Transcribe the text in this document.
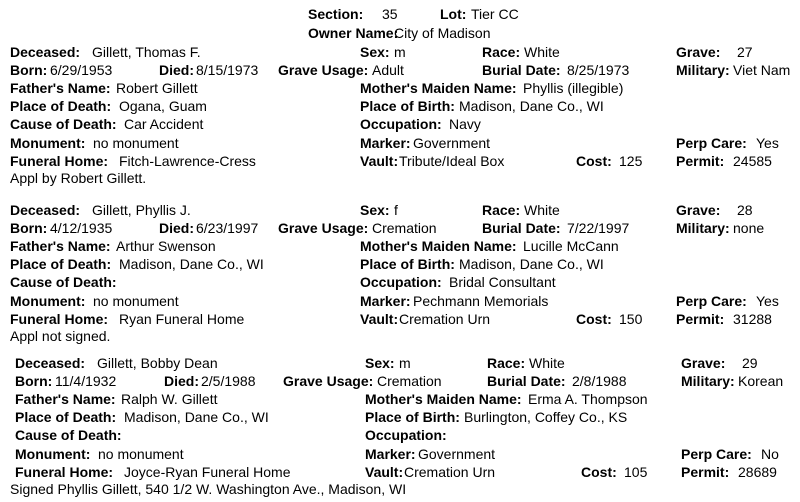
Section: 35	Lot: Tier CC
Owner Name:
City of Madison
Deceased: Gillett, Thomas F.	Sex: m	Race: White	Grave: 27
Born: 6/29/1953	Died: 8/15/1973 Grave Usage: Adult	Burial Date: 8/25/1973	Military: Viet Nam
Father's Name: Robert Gillett	Mother's Maiden Name: Phyllis (illegible)
Place of Death: Ogana, Guam	Place of Birth: Madison, Dane Co., WI
Cause of Death: Car Accident	Occupation: Navy
Monument: no monument	Marker: Government	Perp Care: Yes
Funeral Home: Fitch-Lawrence-Cress	Vault: Tribute/Ideal Box	Cost: 125 Permit: 24585
Appl by Robert Gillett.
Deceased: Gillett, Phyllis J.	Sex: f	Race: White	Grave: 28
Born: 4/12/1935	Died: 6/23/1997 Grave Usage: Cremation	Burial Date: 7/22/1997	Military: none
Father's Name: Arthur Swenson	Mother's Maiden Name: Lucille McCann
Place of Death: Madison, Dane Co., WI	Place of Birth: Madison, Dane Co., WI
Cause of Death:	Occupation: Bridal Consultant
Monument: no monument	Marker: Pechmann Memorials	Perp Care: Yes
Funeral Home: Ryan Funeral Home	Vault: Cremation Urn	Cost: 150 Permit: 31288
Appl not signed.
Deceased: Gillett, Bobby Dean	Sex: m	Race: White	Grave: 29
Born: 11/4/1932	Died: 2/5/1988 Grave Usage: Cremation	Burial Date: 2/8/1988	Military: Korean
Father's Name: Ralph W. Gillett	Mother's Maiden Name: Erma A. Thompson
Place of Death: Madison, Dane Co., WI	Place of Birth: Burlington, Coffey Co., KS
Cause of Death:	Occupation:
Monument: no monument	Marker: Government	Perp Care: No
Funeral Home: Joyce-Ryan Funeral Home	Vault: Cremation Urn	Cost: 105 Permit: 28689
Signed Phyllis Gillett, 540 1/2 W. Washington Ave., Madison, WI
